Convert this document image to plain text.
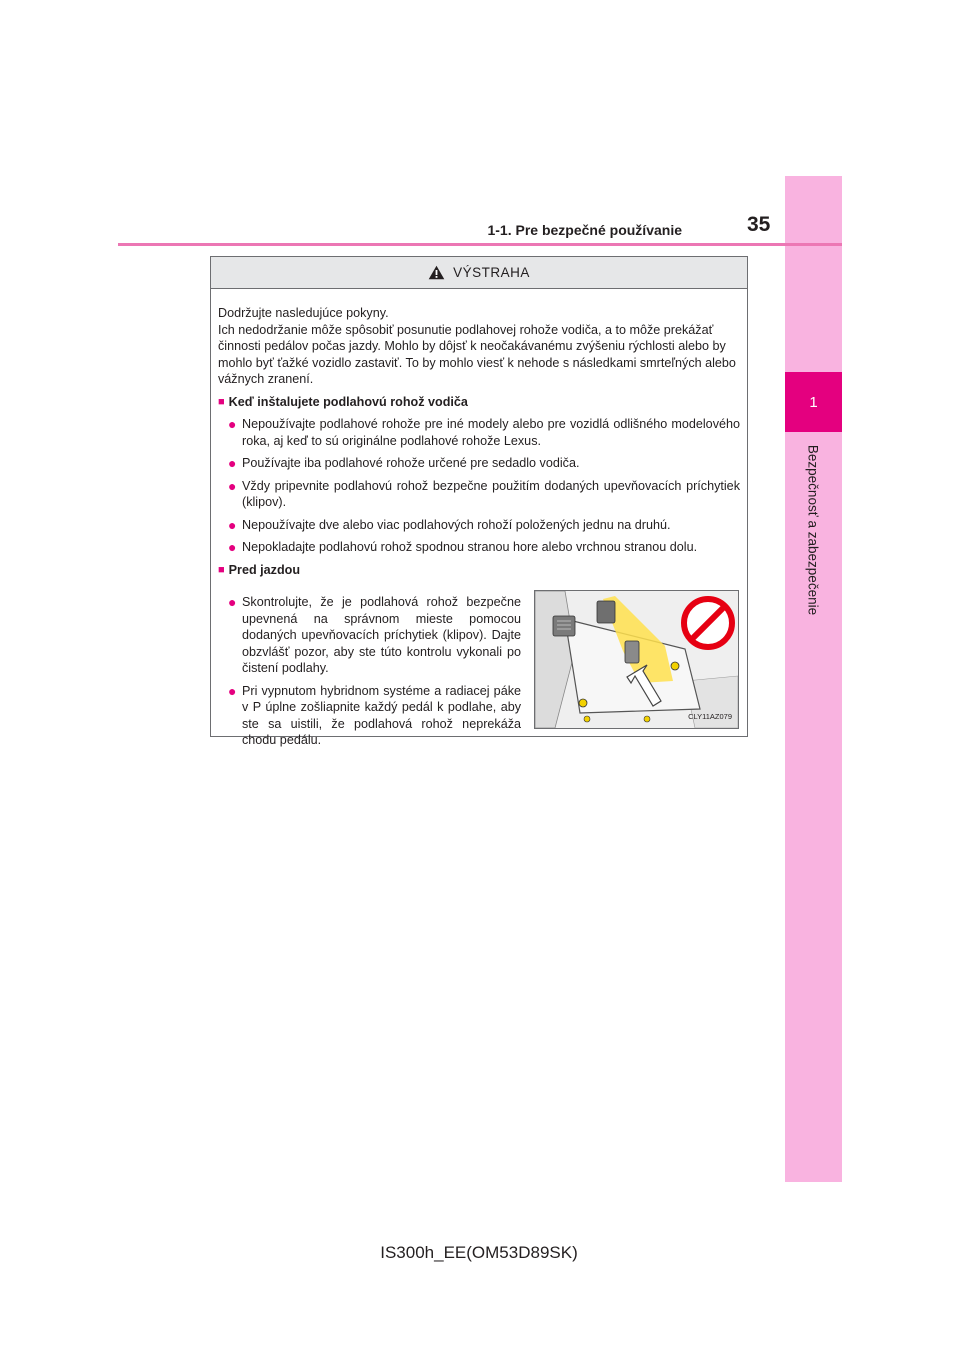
1
Bezpečnosť a zabezpečenie
1-1. Pre bezpečné používanie	35
VÝSTRAHA

Dodržujte nasledujúce pokyny.

Ich nedodržanie môže spôsobiť posunutie podlahovej rohože vodiča, a to môže prekážať činnosti pedálov počas jazdy. Mohlo by dôjsť k neočakávanému zvýšeniu rýchlosti alebo by mohlo byť ťažké vozidlo zastaviť. To by mohlo viesť k nehode s následkami smrteľných alebo vážnych zranení.

■ Keď inštalujete podlahovú rohož vodiča
● Nepoužívajte podlahové rohože pre iné modely alebo pre vozidlá odlišného modelového roka, aj keď to sú originálne podlahové rohože Lexus.
● Používajte iba podlahové rohože určené pre sedadlo vodiča.
● Vždy pripevnite podlahovú rohož bezpečne použitím dodaných upevňovacích príchytiek (klipov).
● Nepoužívajte dve alebo viac podlahových rohoží položených jednu na druhú.
● Nepokladajte podlahovú rohož spodnou stranou hore alebo vrchnou stranou dolu.
■ Pred jazdou
● Skontrolujte, že je podlahová rohož bezpečne upevnená na správnom mieste pomocou dodaných upevňovacích príchytiek (klipov). Dajte obzvlášť pozor, aby ste túto kontrolu vykonali po čistení podlahy.
● Pri vypnutom hybridnom systéme a radiacej páke v P úplne zošliapnite každý pedál k podlahe, aby ste sa uistili, že podlahová rohož neprekáža chodu pedálu.
CLY11AZ079
IS300h_EE(OM53D89SK)
